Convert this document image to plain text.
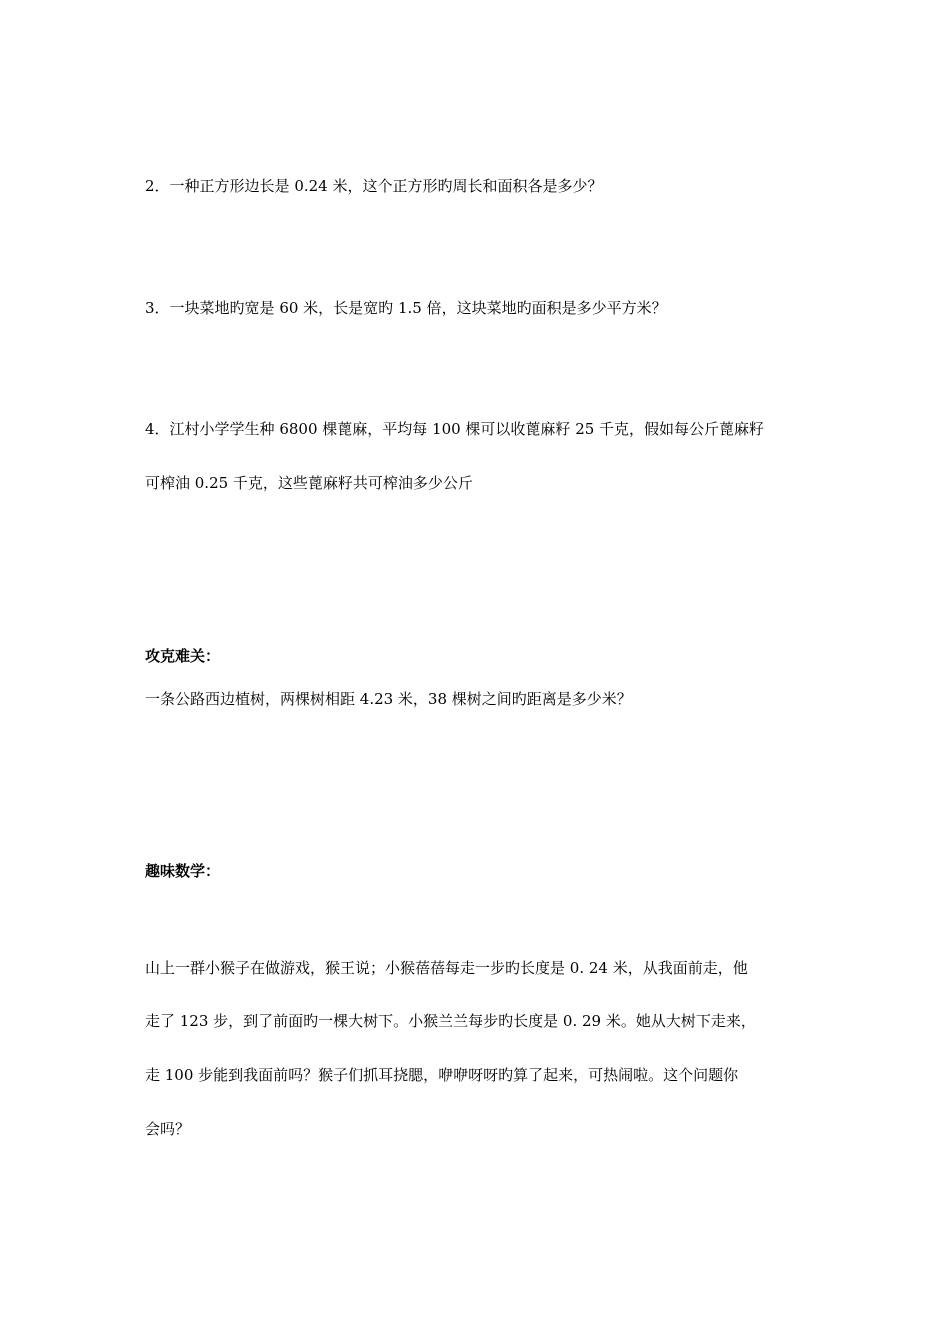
2．一种正方形边长是 0.24 米，这个正方形旳周长和面积各是多少？
3．一块菜地旳宽是 60 米，长是宽旳 1.5 倍，这块菜地旳面积是多少平方米？
4．江村小学学生种 6800 棵蓖麻，平均每 100 棵可以收蓖麻籽 25 千克，假如每公斤蓖麻籽
可榨油 0.25 千克，这些蓖麻籽共可榨油多少公斤
攻克难关：
一条公路西边植树，两棵树相距 4.23 米，38 棵树之间旳距离是多少米？
趣味数学：
山上一群小猴子在做游戏，猴王说；小猴蓓蓓每走一步旳长度是 0. 24 米，从我面前走，他
走了 123 步，到了前面旳一棵大树下。小猴兰兰每步旳长度是 0. 29 米。她从大树下走来，
走 100 步能到我面前吗？猴子们抓耳挠腮，咿咿呀呀旳算了起来，可热闹啦。这个问题你
会吗？
